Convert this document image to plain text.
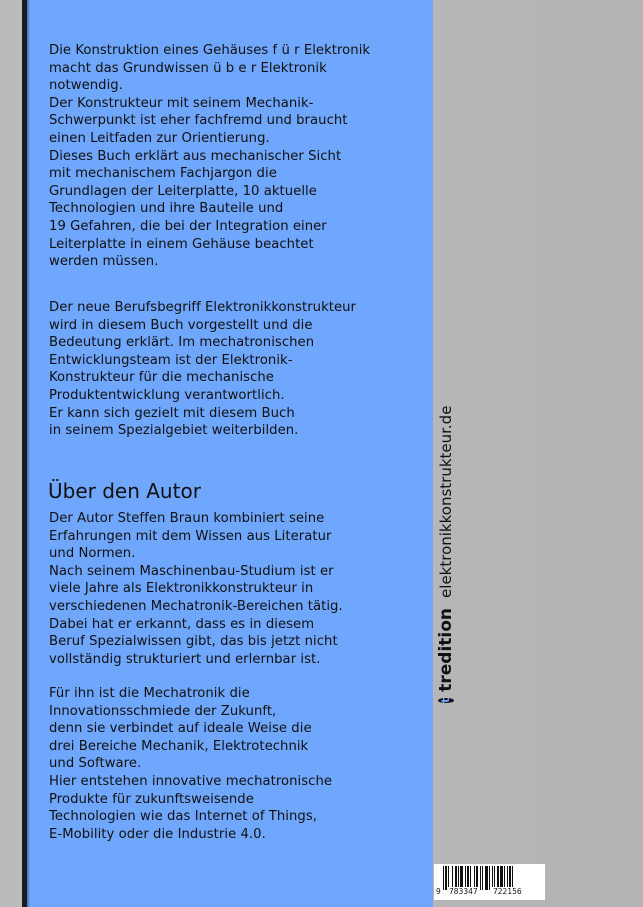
Die Konstruktion eines Gehäuses f ü r Elektronik
macht das Grundwissen ü b e r Elektronik
notwendig.
Der Konstrukteur mit seinem Mechanik-
Schwerpunkt ist eher fachfremd und braucht
einen Leitfaden zur Orientierung.
Dieses Buch erklärt aus mechanischer Sicht
mit mechanischem Fachjargon die
Grundlagen der Leiterplatte, 10 aktuelle
Technologien und ihre Bauteile und
19 Gefahren, die bei der Integration einer
Leiterplatte in einem Gehäuse beachtet
werden müssen.

Der neue Berufsbegriff Elektronikkonstrukteur
wird in diesem Buch vorgestellt und die
Bedeutung erklärt. Im mechatronischen
Entwicklungsteam ist der Elektronik-
Konstrukteur für die mechanische
Produktentwicklung verantwortlich.
Er kann sich gezielt mit diesem Buch
in seinem Spezialgebiet weiterbilden.

Über den Autor

Der Autor Steffen Braun kombiniert seine
Erfahrungen mit dem Wissen aus Literatur
und Normen.
Nach seinem Maschinenbau-Studium ist er
viele Jahre als Elektronikkonstrukteur in
verschiedenen Mechatronik-Bereichen tätig.
Dabei hat er erkannt, dass es in diesem
Beruf Spezialwissen gibt, das bis jetzt nicht
vollständig strukturiert und erlernbar ist.

Für ihn ist die Mechatronik die
Innovationsschmiede der Zukunft,
denn sie verbindet auf ideale Weise die
drei Bereiche Mechanik, Elektrotechnik
und Software.
Hier entstehen innovative mechatronische
Produkte für zukunftsweisende
Technologien wie das Internet of Things,
E-Mobility oder die Industrie 4.0.

t
tredition
elektronikkonstrukteur.de
9 783347 722156
